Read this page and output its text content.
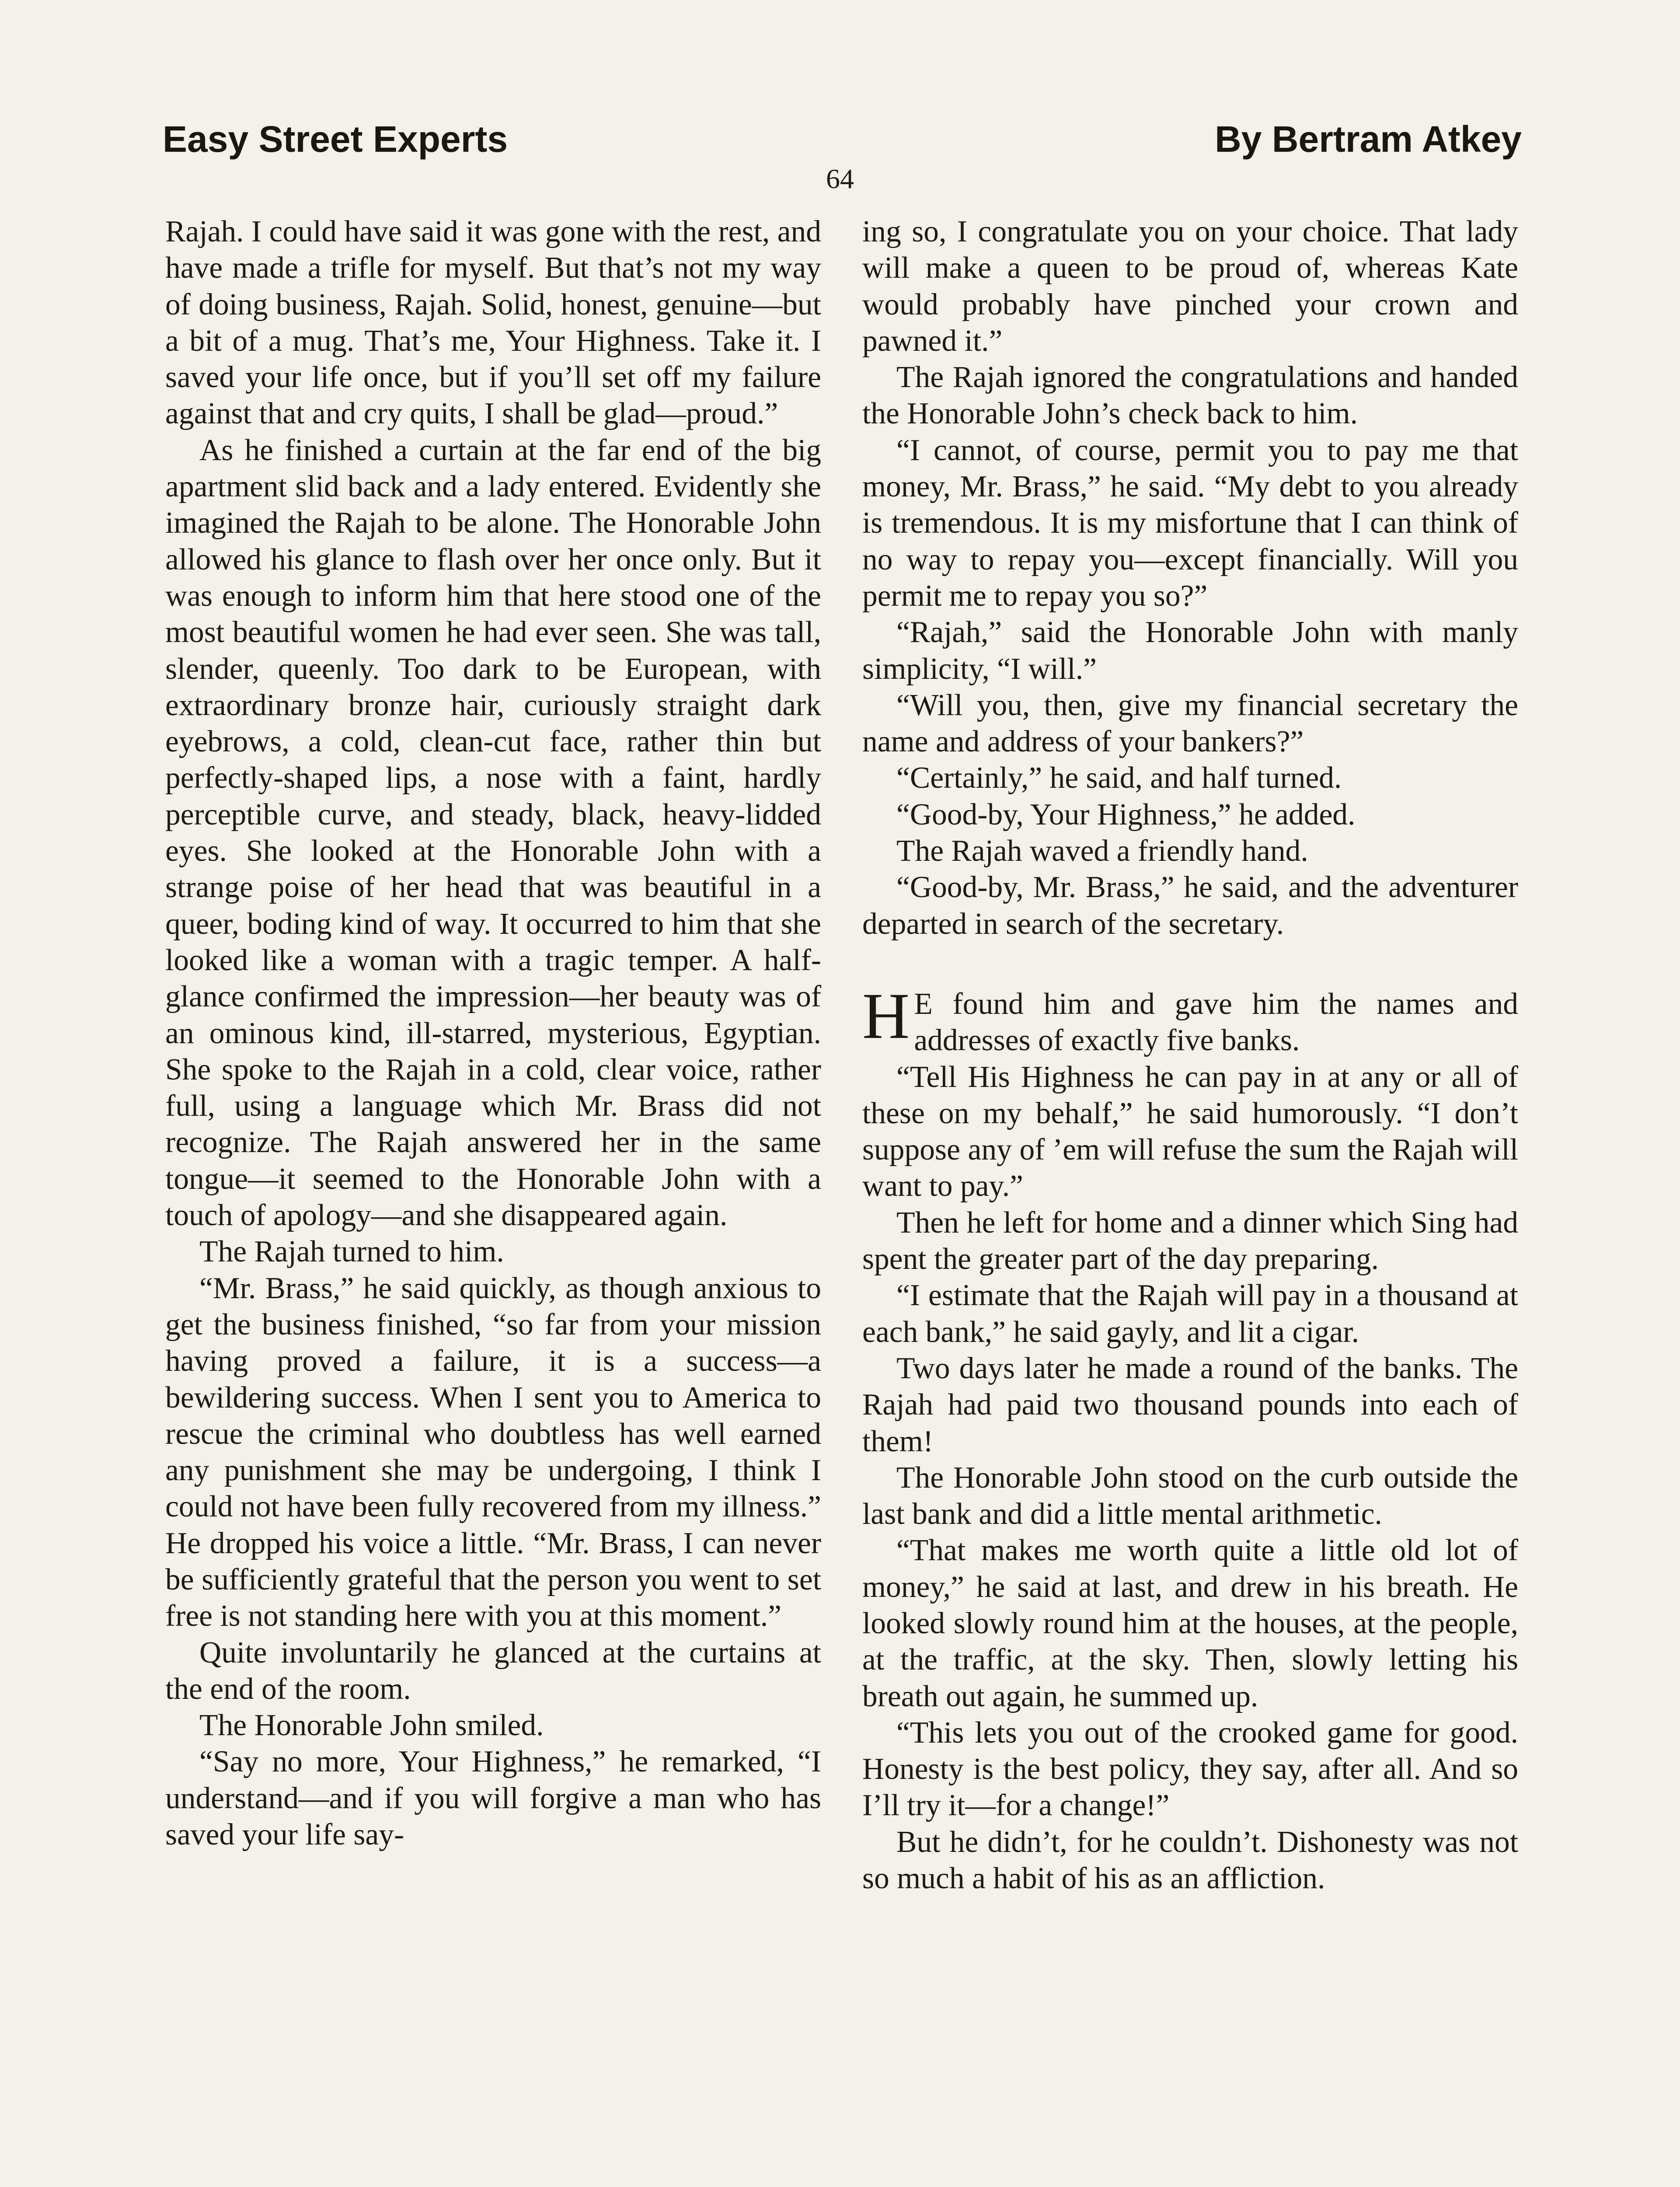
Easy Street Experts	By Bertram Atkey
64

Rajah. I could have said it was gone with the rest, and have made a trifle for myself. But that’s not my way of doing business, Rajah. Solid, honest, genuine—but a bit of a mug. That’s me, Your Highness. Take it. I saved your life once, but if you’ll set off my failure against that and cry quits, I shall be glad—proud.”

As he finished a curtain at the far end of the big apartment slid back and a lady entered. Evidently she imagined the Rajah to be alone. The Honorable John allowed his glance to flash over her once only. But it was enough to inform him that here stood one of the most beautiful women he had ever seen. She was tall, slender, queenly. Too dark to be European, with extraordinary bronze hair, curiously straight dark eyebrows, a cold, clean-cut face, rather thin but perfectly-shaped lips, a nose with a faint, hardly perceptible curve, and steady, black, heavy-lidded eyes. She looked at the Honorable John with a strange poise of her head that was beautiful in a queer, boding kind of way. It occurred to him that she looked like a woman with a tragic temper. A half-glance confirmed the impression—her beauty was of an ominous kind, ill-starred, mysterious, Egyptian. She spoke to the Rajah in a cold, clear voice, rather full, using a language which Mr. Brass did not recognize. The Rajah answered her in the same tongue—it seemed to the Honorable John with a touch of apology—and she disappeared again.

The Rajah turned to him.

“Mr. Brass,” he said quickly, as though anxious to get the business finished, “so far from your mission having proved a failure, it is a success—a bewildering success. When I sent you to America to rescue the criminal who doubtless has well earned any punishment she may be undergoing, I think I could not have been fully recovered from my illness.” He dropped his voice a little. “Mr. Brass, I can never be sufficiently grateful that the person you went to set free is not standing here with you at this moment.”

Quite involuntarily he glanced at the curtains at the end of the room.

The Honorable John smiled.

“Say no more, Your Highness,” he remarked, “I understand—and if you will forgive a man who has saved your life say-

ing so, I congratulate you on your choice. That lady will make a queen to be proud of, whereas Kate would probably have pinched your crown and pawned it.”

The Rajah ignored the congratulations and handed the Honorable John’s check back to him.

“I cannot, of course, permit you to pay me that money, Mr. Brass,” he said. “My debt to you already is tremendous. It is my misfortune that I can think of no way to repay you—except financially. Will you permit me to repay you so?”

“Rajah,” said the Honorable John with manly simplicity, “I will.”

“Will you, then, give my financial secretary the name and address of your bankers?”

“Certainly,” he said, and half turned.

“Good-by, Your Highness,” he added.

The Rajah waved a friendly hand.

“Good-by, Mr. Brass,” he said, and the adventurer departed in search of the secretary.

H E found him and gave him the names and addresses of exactly five banks.

“Tell His Highness he can pay in at any or all of these on my behalf,” he said humorously. “I don’t suppose any of ’em will refuse the sum the Rajah will want to pay.”

Then he left for home and a dinner which Sing had spent the greater part of the day preparing.

“I estimate that the Rajah will pay in a thousand at each bank,” he said gayly, and lit a cigar.

Two days later he made a round of the banks. The Rajah had paid two thousand pounds into each of them!

The Honorable John stood on the curb outside the last bank and did a little mental arithmetic.

“That makes me worth quite a little old lot of money,” he said at last, and drew in his breath. He looked slowly round him at the houses, at the people, at the traffic, at the sky. Then, slowly letting his breath out again, he summed up.

“This lets you out of the crooked game for good. Honesty is the best policy, they say, after all. And so I’ll try it—for a change!”

But he didn’t, for he couldn’t. Dishonesty was not so much a habit of his as an affliction.
